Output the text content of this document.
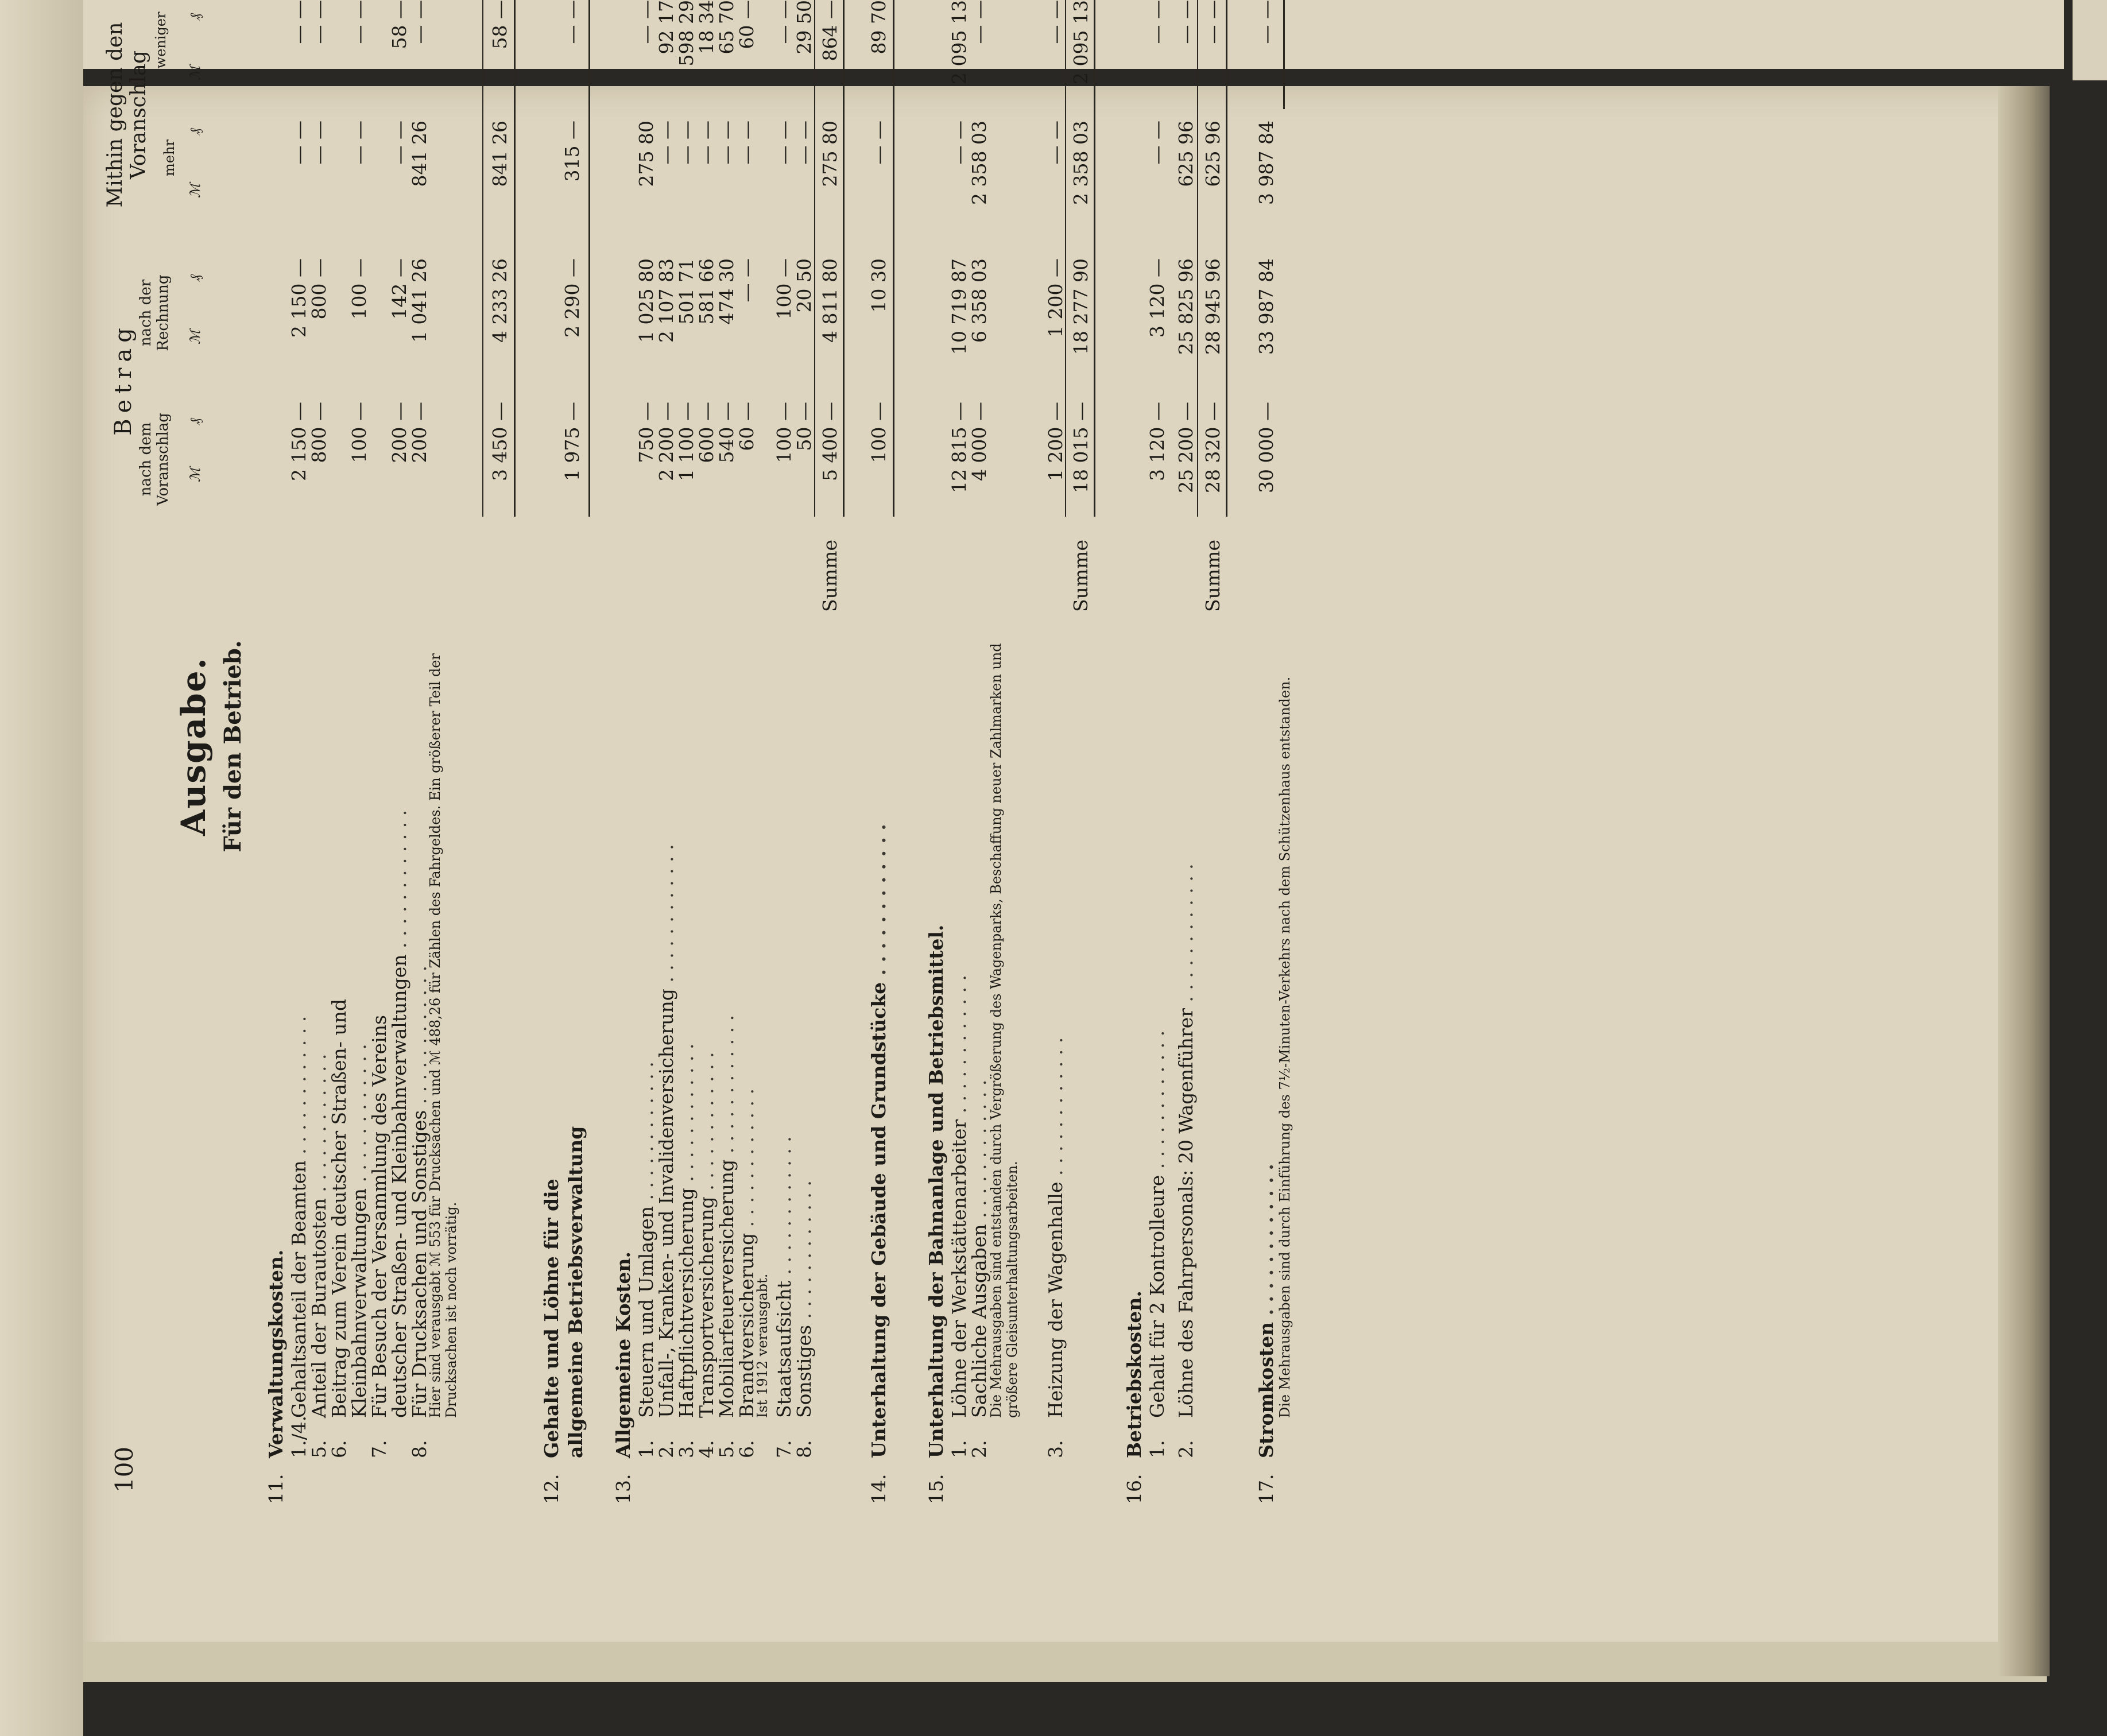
100
Ausgabe. Für den Betrieb.
Betrag
nach dem Voranschlag
nach der Rechnung
Mithin gegen den Voranschlag mehr
weniger
ℳ
₰
ℳ
₰
ℳ
₰
ℳ
₰
11.
Verwaltungskosten. 1./4.
Gehaltsanteil der Beamten . . .
2 150 —
2 150 —
— —
— —
5.
Anteil der Burautosten . . .
800 —
800 —
— —
— —
6.
Beitrag zum Verein deutscher Straßen- und
Kleinbahnverwaltungen . . .
100 —
100 —
— —
— —
7.
Für Besuch der Versammlung des Vereins
deutscher Straßen- und Kleinbahnverwaltungen . . .
200 —
142 —
— —
58 —
8.
Für Drucksachen und Sonstiges . . .
200 —
1 041 26
841 26
— —
Hier sind verausgabt ℳ 553 für Drucksachen und ℳ 488,26 für Zählen des Fahrgeldes. Ein größerer Teil der Drucksachen ist noch vorrätig.
3 450 —
4 233 26
841 26
58 —
12.
Gehalte und Löhne für die allgemeine Betriebsverwaltung
1 975 —
2 290 —
315 —
— —
13.
Allgemeine Kosten. 1.
Steuern und Umlagen . . .
750 —
1 025 80
275 80
— —
2.
Unfall-, Kranken- und Invalidenversicherung . . .
2 200 —
2 107 83
— —
92 17
3.
Haftpflichtversicherung . . .
1 100 —
501 71
— —
598 29
4.
Transportversicherung . . .
600 —
581 66
— —
18 34
5.
Mobiliarfeuerversicherung . . .
540 —
474 30
— —
65 70
6.
Brandversicherung . . .
60 —
— —
— —
60 —
Ist 1912 verausgabt.
7.
Staatsaufsicht . . .
100 —
100 —
— —
— —
8.
Sonstiges . . .
50 —
20 50
— —
29 50
Summe
5 400 —
4 811 80
275 80
864 —
14.
Unterhaltung der Gebäude und Grundstücke . . .
100 —
10 30
— —
89 70
15.
Unterhaltung der Bahnanlage und Betriebsmittel. 1.
Löhne der Werkstättenarbeiter . . .
12 815 —
10 719 87
— —
2 095 13
2.
Sachliche Ausgaben . . .
4 000 —
6 358 03
2 358 03
— —
Die Mehrausgaben sind entstanden durch Vergrößerung des Wagenparks, Beschaffung neuer Zahlmarken und größere Gleisunterhaltungsarbeiten.
3.
Heizung der Wagenhalle . . .
1 200 —
1 200 —
— —
— —
Summe
18 015 —
18 277 90
2 358 03
2 095 13
16.
Betriebskosten. 1.
Gehalt für 2 Kontrolleure . . .
3 120 —
3 120 —
— —
— —
2.
Löhne des Fahrpersonals: 20 Wagenführer . . .
25 200 —
25 825 96
625 96
— —
Summe
28 320 —
28 945 96
625 96
— —
17.
Stromkosten . . .
30 000 —
33 987 84
3 987 84
— —
Die Mehrausgaben sind durch Einführung des 7½-Minuten-Verkehrs nach dem Schützenhaus entstanden.
